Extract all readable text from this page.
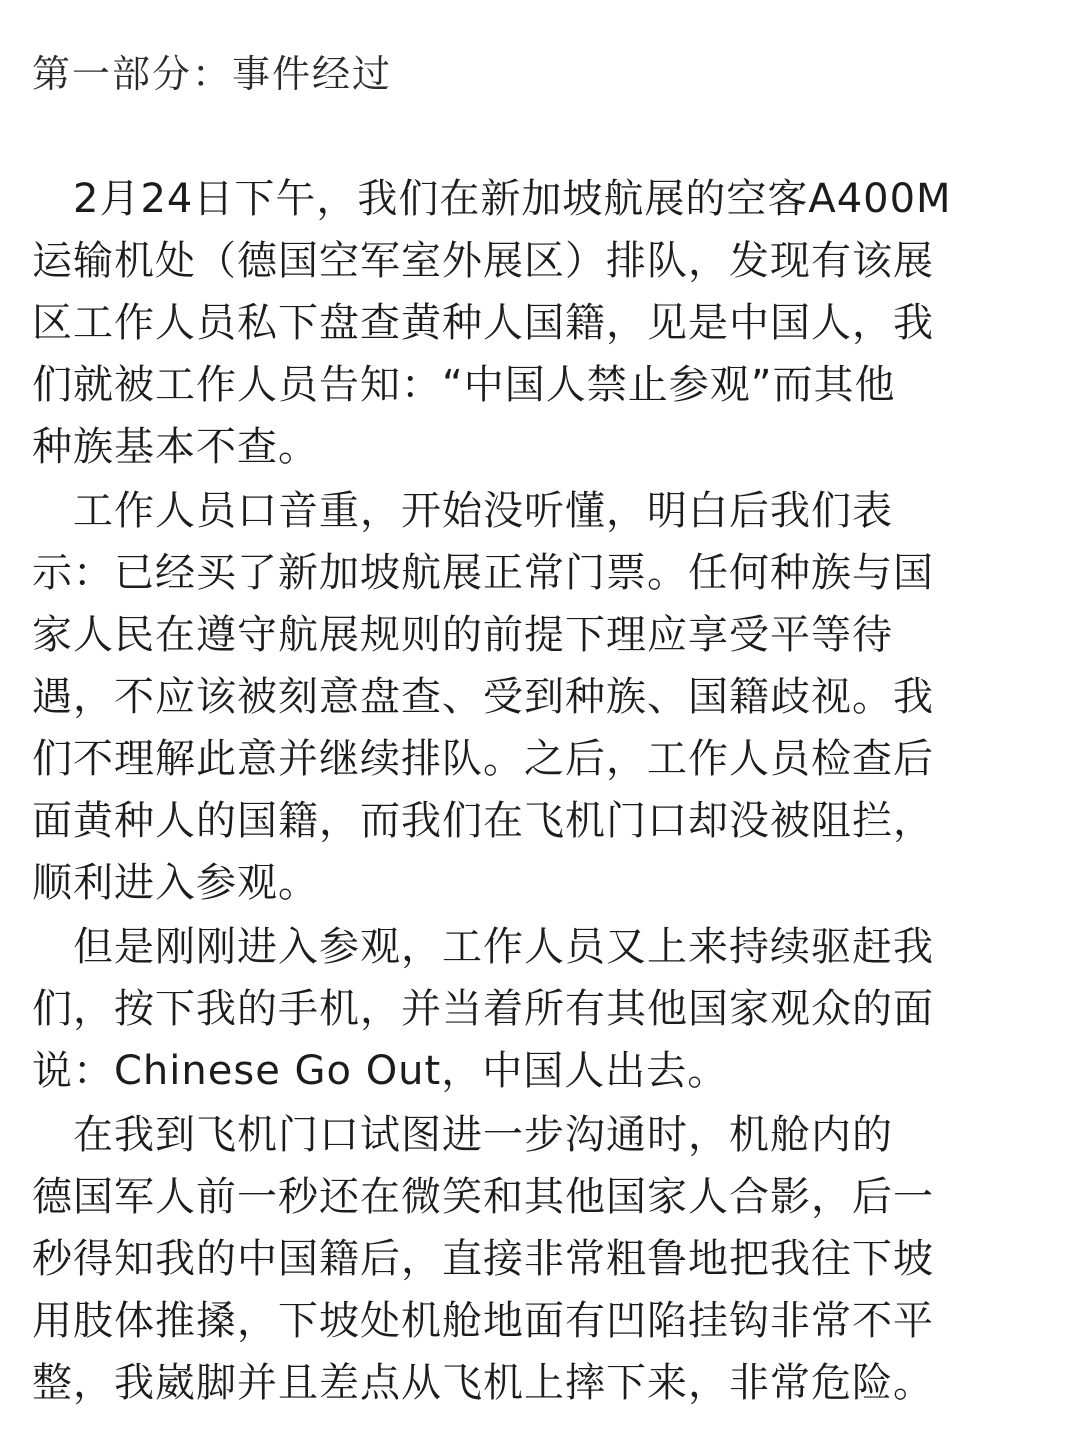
第一部分：事件经过
　2月24日下午，我们在新加坡航展的空客A400M
运输机处（德国空军室外展区）排队，发现有该展
区工作人员私下盘查黄种人国籍，见是中国人，我
们就被工作人员告知：“中国人禁止参观”而其他
种族基本不查。
　工作人员口音重，开始没听懂，明白后我们表
示：已经买了新加坡航展正常门票。任何种族与国
家人民在遵守航展规则的前提下理应享受平等待
遇，不应该被刻意盘查、受到种族、国籍歧视。我
们不理解此意并继续排队。之后，工作人员检查后
面黄种人的国籍，而我们在飞机门口却没被阻拦，
顺利进入参观。
　但是刚刚进入参观，工作人员又上来持续驱赶我
们，按下我的手机，并当着所有其他国家观众的面
说：Chinese Go Out，中国人出去。
　在我到飞机门口试图进一步沟通时，机舱内的
德国军人前一秒还在微笑和其他国家人合影，后一
秒得知我的中国籍后，直接非常粗鲁地把我往下坡
用肢体推搡，下坡处机舱地面有凹陷挂钩非常不平
整，我崴脚并且差点从飞机上摔下来，非常危险。
